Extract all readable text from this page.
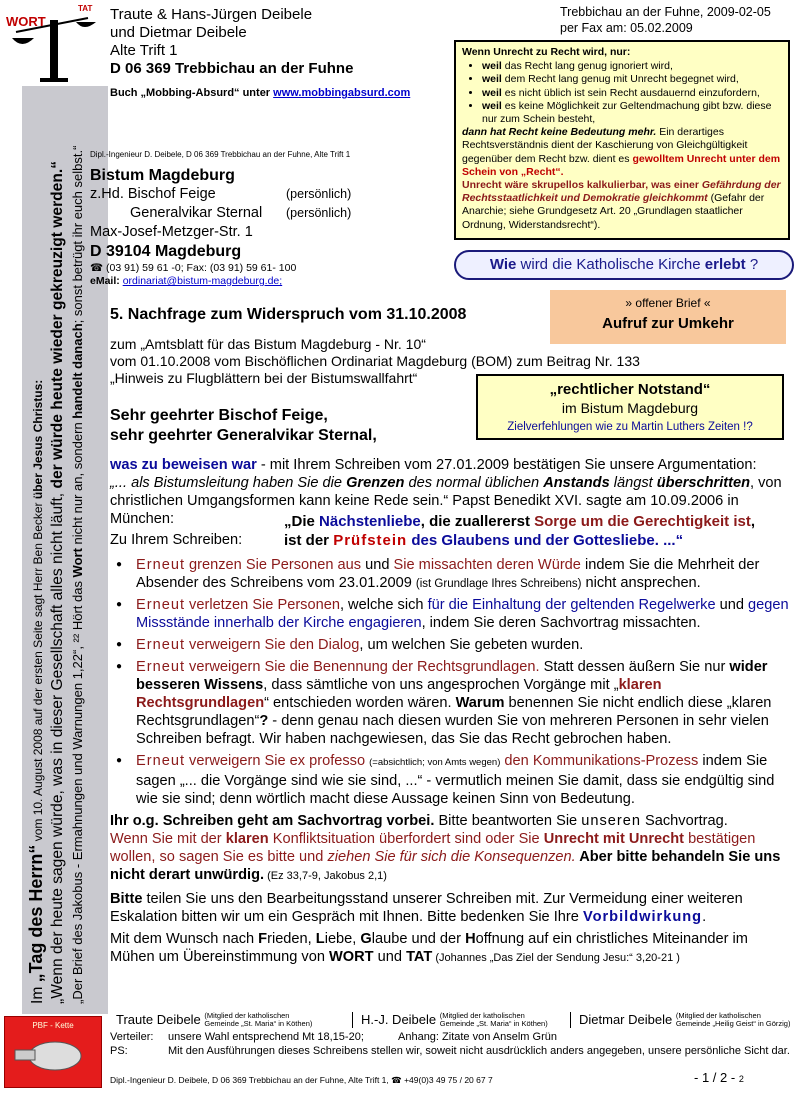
WORT
TAT Traute & Hans-Jürgen Deibele
und Dietmar Deibele
Alte Trift 1
D 06 369 Trebbichau an der Fuhne
Buch „Mobbing-Absurd“ unter www.mobbingabsurd.com
Trebbichau an der Fuhne, 2009-02-05
per Fax am: 05.02.2009
Wenn Unrecht zu Recht wird, nur:
• weil das Recht lang genug ignoriert wird,
• weil dem Recht lang genug mit Unrecht begegnet wird,
• weil es nicht üblich ist sein Recht ausdauernd einzufordern,
• weil es keine Möglichkeit zur Geltendmachung gibt bzw. diese nur zum Schein besteht,
dann hat Recht keine Bedeutung mehr. Ein derartiges Rechtsverständnis dient der Kaschierung von Gleichgültigkeit gegenüber dem Recht bzw. dient es gewolltem Unrecht unter dem Schein von „Recht“.
Unrecht wäre skrupellos kalkulierbar, was einer Gefährdung der Rechtsstaatlichkeit und Demokratie gleichkommt (Gefahr der Anarchie; siehe Grundgesetz Art. 20 „Grundlagen staatlicher Ordnung, Widerstandsrecht“).
Wie wird die Katholische Kirche erlebt ?
Im „Tag des Herrn“ vom 10. August 2008 auf der ersten Seite sagt Herr Ben Becker über Jesus Christus:
„Wenn der heute sagen würde, was in dieser Gesellschaft alles nicht läuft, der würde heute wieder gekreuzigt werden.“
„Der Brief des Jakobus - Ermahnungen und Warnungen 1,22“, ²² Hört das Wort nicht nur an, sondern handelt danach; sonst betrügt ihr euch selbst.“ Dipl.-Ingenieur D. Deibele, D 06 369 Trebbichau an der Fuhne, Alte Trift 1
Bistum Magdeburg
z.Hd. Bischof Feige	(persönlich)
Generalvikar Sternal (persönlich)
Max-Josef-Metzger-Str. 1
D 39104 Magdeburg
☎ (03 91) 59 61 -0; Fax: (03 91) 59 61- 100
eMail: ordinariat@bistum-magdeburg.de;
5. Nachfrage zum Widerspruch vom 31.10.2008
zum „Amtsblatt für das Bistum Magdeburg - Nr. 10“
vom 01.10.2008 vom Bischöflichen Ordinariat Magdeburg (BOM) zum Beitrag Nr. 133
„Hinweis zu Flugblättern bei der Bistumswallfahrt“
» offener Brief «
Aufruf zur Umkehr
„rechtlicher Notstand“
im Bistum Magdeburg
Zielverfehlungen wie zu Martin Luthers Zeiten !?
Sehr geehrter Bischof Feige,
sehr geehrter Generalvikar Sternal,
was zu beweisen war - mit Ihrem Schreiben vom 27.01.2009 bestätigen Sie unsere Argumentation:
„... als Bistumsleitung haben Sie die Grenzen des normal üblichen Anstands längst überschritten, von christlichen Umgangsformen kann keine Rede sein.“ Papst Benedikt XVI. sagte am 10.09.2006 in München:
Zu Ihrem Schreiben:
„Die Nächstenliebe, die zuallererst Sorge um die Gerechtigkeit ist,
ist der Prüfstein des Glaubens und der Gottesliebe. ...“
● Erneut grenzen Sie Personen aus und Sie missachten deren Würde indem Sie die Mehrheit der Absender des Schreibens vom 23.01.2009 (ist Grundlage Ihres Schreibens) nicht ansprechen.
● Erneut verletzen Sie Personen, welche sich für die Einhaltung der geltenden Regelwerke und gegen Missstände innerhalb der Kirche engagieren, indem Sie deren Sachvortrag missachten.
● Erneut verweigern Sie den Dialog, um welchen Sie gebeten wurden.
● Erneut verweigern Sie die Benennung der Rechtsgrundlagen. Statt dessen äußern Sie nur wider besseren Wissens, dass sämtliche von uns angesprochen Vorgänge mit „klaren Rechtsgrundlagen“ entschieden worden wären. Warum benennen Sie nicht endlich diese „klaren Rechtsgrundlagen“? - denn genau nach diesen wurden Sie von mehreren Personen in sehr vielen Schreiben befragt. Wir haben nachgewiesen, das Sie das Recht gebrochen haben.
● Erneut verweigern Sie ex professo (=absichtlich; von Amts wegen) den Kommunikations-Prozess indem Sie sagen „... die Vorgänge sind wie sie sind, ...“ - vermutlich meinen Sie damit, dass sie endgültig sind wie sie sind; denn wörtlich macht diese Aussage keinen Sinn von Bedeutung.
Ihr o.g. Schreiben geht am Sachvortrag vorbei. Bitte beantworten Sie unseren Sachvortrag.
Wenn Sie mit der klaren Konfliktsituation überfordert sind oder Sie Unrecht mit Unrecht bestätigen wollen, so sagen Sie es bitte und ziehen Sie für sich die Konsequenzen. Aber bitte behandeln Sie uns nicht derart unwürdig. (Ez 33,7-9, Jakobus 2,1)
Bitte teilen Sie uns den Bearbeitungsstand unserer Schreiben mit. Zur Vermeidung einer weiteren Eskalation bitten wir um ein Gespräch mit Ihnen. Bitte bedenken Sie Ihre Vorbildwirkung.
Mit dem Wunsch nach Frieden, Liebe, Glaube und der Hoffnung auf ein christliches Miteinander im Mühen um Übereinstimmung von WORT und TAT (Johannes „Das Ziel der Sendung Jesu:“ 3,20-21 )
Traute Deibele (Mitglied der katholischen Gemeinde „St. Maria“ in Köthen)	H.-J. Deibele (Mitglied der katholischen Gemeinde „St. Maria“ in Köthen)	Dietmar Deibele (Mitglied der katholischen Gemeinde „Heilig Geist“ in Görzig)
Verteiler: unsere Wahl entsprechend Mt 18,15-20;	Anhang: Zitate von Anselm Grün
PS:	Mit den Ausführungen dieses Schreibens stellen wir, soweit nicht ausdrücklich anders angegeben, unsere persönliche Sicht dar.
PBF - Kette
Dipl.-Ingenieur D. Deibele, D 06 369 Trebbichau an der Fuhne, Alte Trift 1, ☎ +49(0)3 49 75 / 20 67 7	- 1 / 2 - 2
